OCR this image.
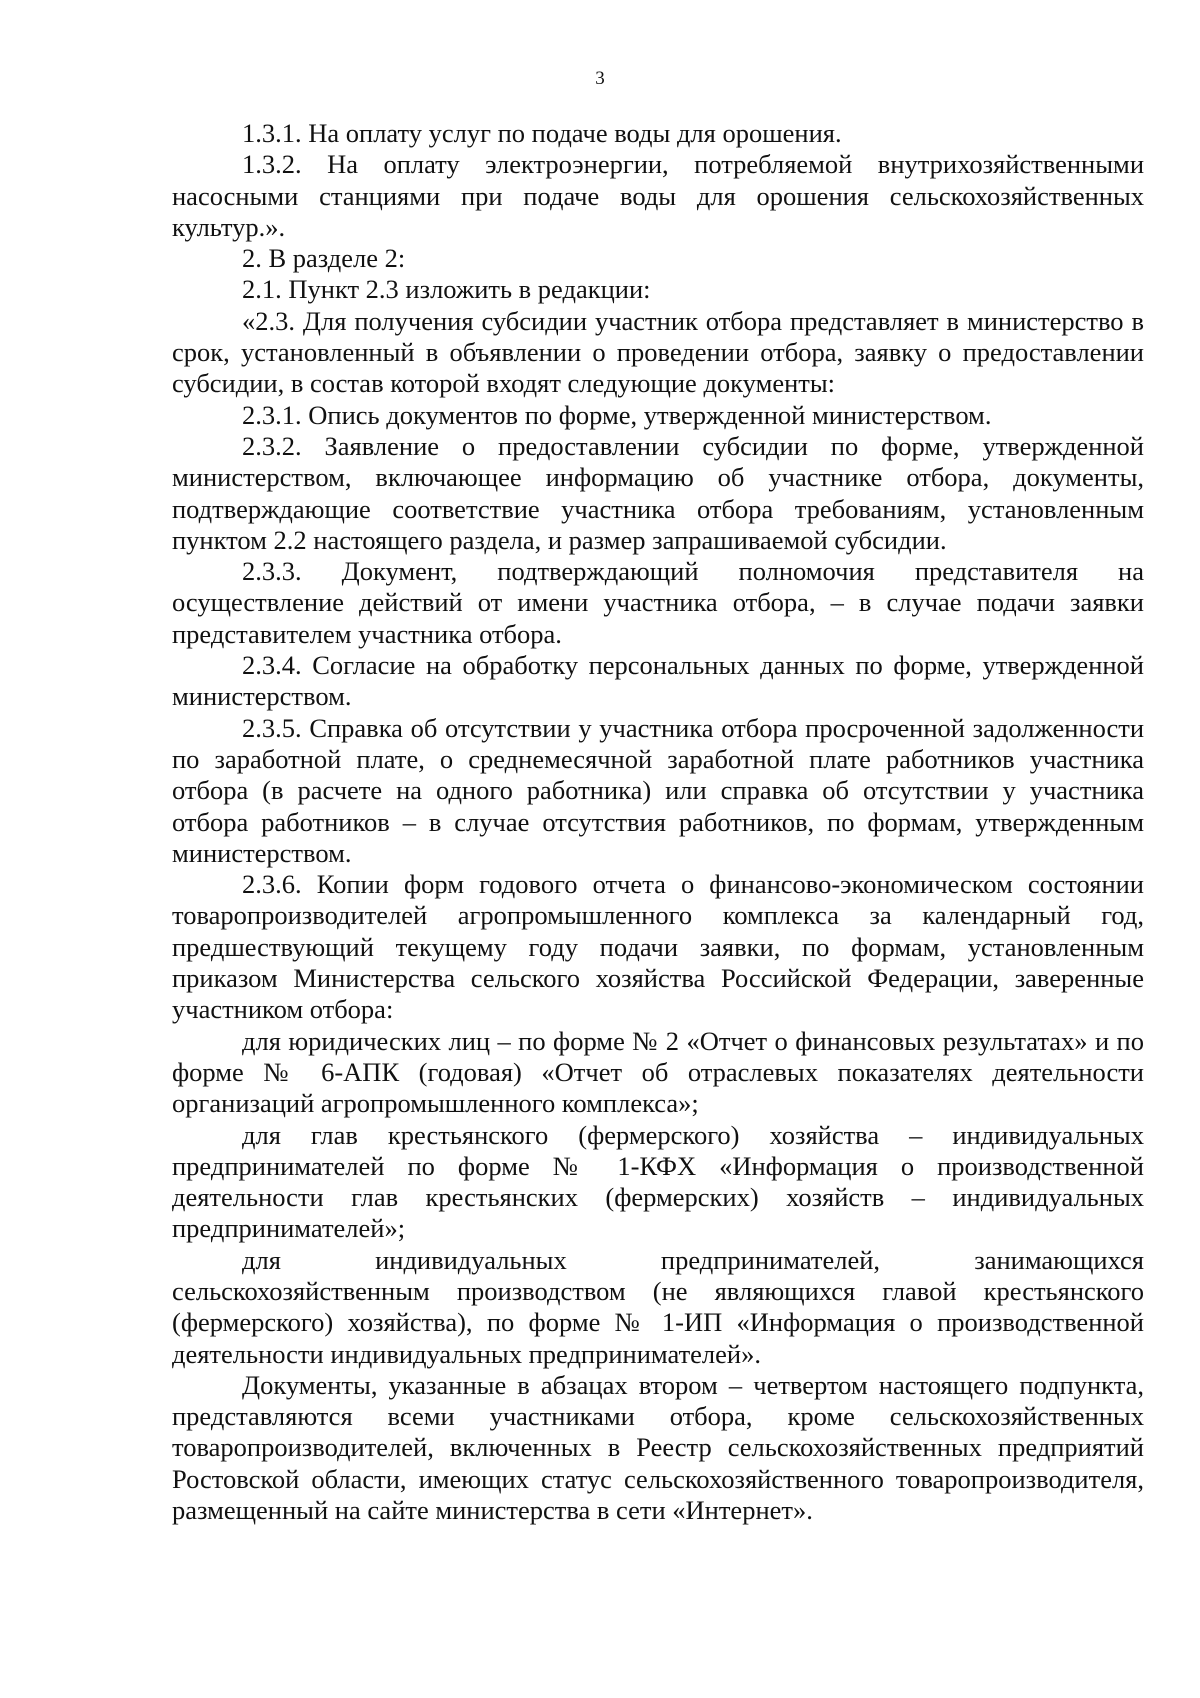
3

1.3.1. На оплату услуг по подаче воды для орошения.

1.3.2. На оплату электроэнергии, потребляемой внутрихозяйственными насосными станциями при подаче воды для орошения сельскохозяйственных культур.».

2. В разделе 2:

2.1. Пункт 2.3 изложить в редакции:

«2.3. Для получения субсидии участник отбора представляет в министерство в срок, установленный в объявлении о проведении отбора, заявку о предоставлении субсидии, в состав которой входят следующие документы:

2.3.1. Опись документов по форме, утвержденной министерством.

2.3.2. Заявление о предоставлении субсидии по форме, утвержденной министерством, включающее информацию об участнике отбора, документы, подтверждающие соответствие участника отбора требованиям, установленным пунктом 2.2 настоящего раздела, и размер запрашиваемой субсидии.

2.3.3. Документ, подтверждающий полномочия представителя на осуществление действий от имени участника отбора, – в случае подачи заявки представителем участника отбора.

2.3.4. Согласие на обработку персональных данных по форме, утвержденной министерством.

2.3.5. Справка об отсутствии у участника отбора просроченной задолженности по заработной плате, о среднемесячной заработной плате работников участника отбора (в расчете на одного работника) или справка об отсутствии у участника отбора работников – в случае отсутствия работников, по формам, утвержденным министерством.

2.3.6. Копии форм годового отчета о финансово-экономическом состоянии товаропроизводителей агропромышленного комплекса за календарный год, предшествующий текущему году подачи заявки, по формам, установленным приказом Министерства сельского хозяйства Российской Федерации, заверенные участником отбора:

для юридических лиц – по форме № 2 «Отчет о финансовых результатах» и по форме № 6-АПК (годовая) «Отчет об отраслевых показателях деятельности организаций агропромышленного комплекса»;

для глав крестьянского (фермерского) хозяйства – индивидуальных предпринимателей по форме № 1-КФХ «Информация о производственной деятельности глав крестьянских (фермерских) хозяйств – индивидуальных предпринимателей»;

для индивидуальных предпринимателей, занимающихся сельскохозяйственным производством (не являющихся главой крестьянского (фермерского) хозяйства), по форме № 1-ИП «Информация о производственной деятельности индивидуальных предпринимателей».

Документы, указанные в абзацах втором – четвертом настоящего подпункта, представляются всеми участниками отбора, кроме сельскохозяйственных товаропроизводителей, включенных в Реестр сельскохозяйственных предприятий Ростовской области, имеющих статус сельскохозяйственного товаропроизводителя, размещенный на сайте министерства в сети «Интернет».
